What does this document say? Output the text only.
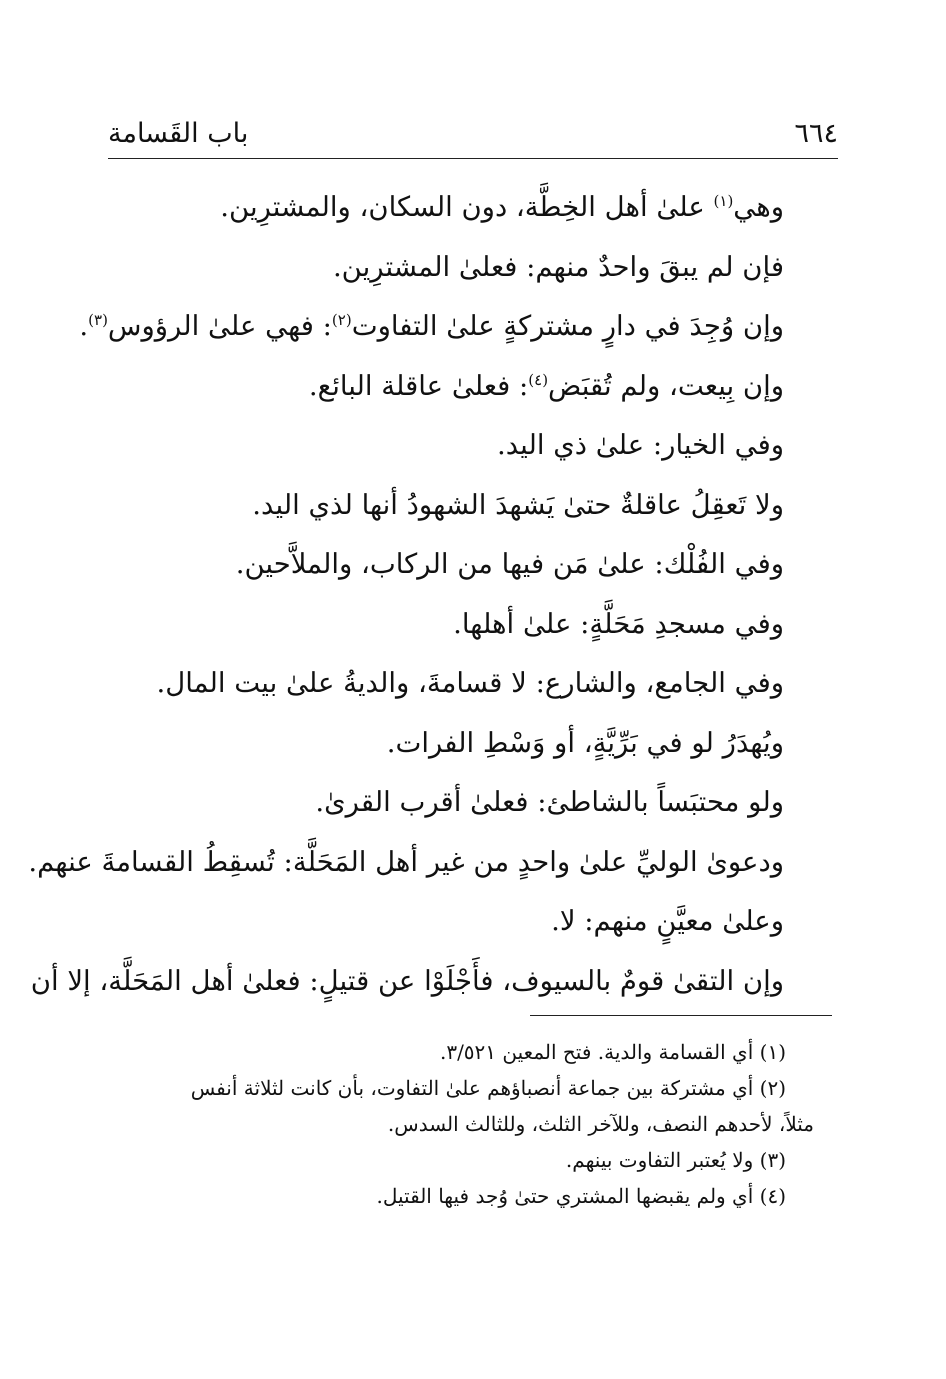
٦٦٤
باب القَسامة
وهي$^{(١)}$ علىٰ أهل الخِطَّة، دون السكان، والمشترِين.
فإن لم يبقَ واحدٌ منهم: فعلىٰ المشترِين.
وإن وُجِدَ في دارٍ مشتركةٍ علىٰ التفاوت$^{(٢)}$: فهي علىٰ الرؤوس$^{(٣)}$.
وإن بِيعت، ولم تُقبَض$^{(٤)}$: فعلىٰ عاقلة البائع.
وفي الخيار: علىٰ ذي اليد.
ولا تَعقِلُ عاقلةٌ حتىٰ يَشهدَ الشهودُ أنها لذي اليد.
وفي الفُلْك: علىٰ مَن فيها من الركاب، والملاَّحين.
وفي مسجدِ مَحَلَّةٍ: علىٰ أهلها.
وفي الجامع، والشارع: لا قسامةَ، والديةُ علىٰ بيت المال.
ويُهدَرُ لو في بَرِّيَّةٍ، أو وَسْطِ الفرات.
ولو محتبَساً بالشاطئ: فعلىٰ أقرب القرىٰ.
ودعوىٰ الوليِّ علىٰ واحدٍ من غير أهل المَحَلَّة: تُسقِطُ القسامةَ عنهم.
وعلىٰ معيَّنٍ منهم: لا.
وإن التقىٰ قومٌ بالسيوف، فأَجْلَوْا عن قتيلٍ: فعلىٰ أهل المَحَلَّة، إلا أن
(١) أي القسامة والدية. فتح المعين ٣/٥٢١.
(٢) أي مشتركة بين جماعة أنصباؤهم علىٰ التفاوت، بأن كانت لثلاثة أنفس
مثلاً، لأحدهم النصف، وللآخر الثلث، وللثالث السدس.
(٣) ولا يُعتبر التفاوت بينهم.
(٤) أي ولم يقبضها المشتري حتىٰ وُجد فيها القتيل.
